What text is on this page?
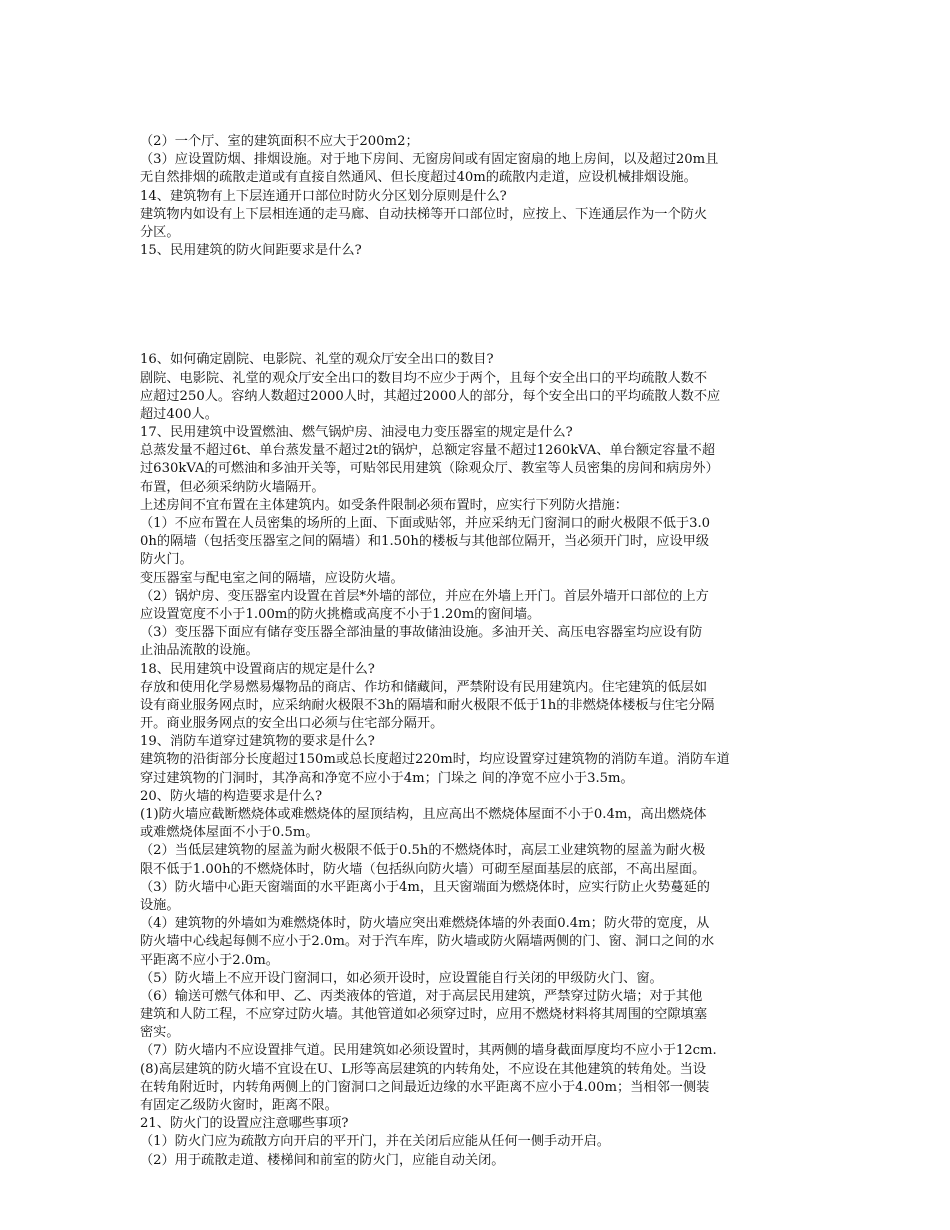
（2）一个厅、室的建筑面积不应大于200m2；
（3）应设置防烟、排烟设施。对于地下房间、无窗房间或有固定窗扇的地上房间，以及超过20m且
无自然排烟的疏散走道或有直接自然通风、但长度超过40m的疏散内走道，应设机械排烟设施。
14、建筑物有上下层连通开口部位时防火分区划分原则是什么?
建筑物内如设有上下层相连通的走马廊、自动扶梯等开口部位时，应按上、下连通层作为一个防火
分区。
15、民用建筑的防火间距要求是什么?
16、如何确定剧院、电影院、礼堂的观众厅安全出口的数目?
剧院、电影院、礼堂的观众厅安全出口的数目均不应少于两个，且每个安全出口的平均疏散人数不
应超过250人。容纳人数超过2000人时，其超过2000人的部分，每个安全出口的平均疏散人数不应
超过400人。
17、民用建筑中设置燃油、燃气锅炉房、油浸电力变压器室的规定是什么?
总蒸发量不超过6t、单台蒸发量不超过2t的锅炉，总额定容量不超过1260kVA、单台额定容量不超
过630kVA的可燃油和多油开关等，可贴邻民用建筑（除观众厅、教室等人员密集的房间和病房外）
布置，但必须采纳防火墙隔开。
上述房间不宜布置在主体建筑内。如受条件限制必须布置时，应实行下列防火措施：
（1）不应布置在人员密集的场所的上面、下面或贴邻，并应采纳无门窗洞口的耐火极限不低于3.0
0h的隔墙（包括变压器室之间的隔墙）和1.50h的楼板与其他部位隔开，当必须开门时，应设甲级
防火门。
变压器室与配电室之间的隔墙，应设防火墙。
（2）锅炉房、变压器室内设置在首层*外墙的部位，并应在外墙上开门。首层外墙开口部位的上方
应设置宽度不小于1.00m的防火挑檐或高度不小于1.20m的窗间墙。
（3）变压器下面应有储存变压器全部油量的事故储油设施。多油开关、高压电容器室均应设有防
止油品流散的设施。
18、民用建筑中设置商店的规定是什么?
存放和使用化学易燃易爆物品的商店、作坊和储藏间，严禁附设有民用建筑内。住宅建筑的低层如
设有商业服务网点时，应采纳耐火极限不3h的隔墙和耐火极限不低于1h的非燃烧体楼板与住宅分隔
开。商业服务网点的安全出口必须与住宅部分隔开。
19、消防车道穿过建筑物的要求是什么?
建筑物的沿街部分长度超过150m或总长度超过220m时，均应设置穿过建筑物的消防车道。消防车道
穿过建筑物的门洞时，其净高和净宽不应小于4m；门垛之 间的净宽不应小于3.5m。
20、防火墙的构造要求是什么?
(1)防火墙应截断燃烧体或难燃烧体的屋顶结构，且应高出不燃烧体屋面不小于0.4m，高出燃烧体
或难燃烧体屋面不小于0.5m。
（2）当低层建筑物的屋盖为耐火极限不低于0.5h的不燃烧体时，高层工业建筑物的屋盖为耐火极
限不低于1.00h的不燃烧体时，防火墙（包括纵向防火墙）可砌至屋面基层的底部，不高出屋面。
（3）防火墙中心距天窗端面的水平距离小于4m，且天窗端面为燃烧体时，应实行防止火势蔓延的
设施。
（4）建筑物的外墙如为难燃烧体时，防火墙应突出难燃烧体墙的外表面0.4m；防火带的宽度，从
防火墙中心线起每侧不应小于2.0m。对于汽车库，防火墙或防火隔墙两侧的门、窗、洞口之间的水
平距离不应小于2.0m。
（5）防火墙上不应开设门窗洞口，如必须开设时，应设置能自行关闭的甲级防火门、窗。
（6）输送可燃气体和甲、乙、丙类液体的管道，对于高层民用建筑，严禁穿过防火墙；对于其他
建筑和人防工程，不应穿过防火墙。其他管道如必须穿过时，应用不燃烧材料将其周围的空隙填塞
密实。
（7）防火墙内不应设置排气道。民用建筑如必须设置时，其两侧的墙身截面厚度均不应小于12cm.
(8)高层建筑的防火墙不宜设在U、L形等高层建筑的内转角处，不应设在其他建筑的转角处。当设
在转角附近时，内转角两侧上的门窗洞口之间最近边缘的水平距离不应小于4.00m；当相邻一侧装
有固定乙级防火窗时，距离不限。
21、防火门的设置应注意哪些事项?
（1）防火门应为疏散方向开启的平开门，并在关闭后应能从任何一侧手动开启。
（2）用于疏散走道、楼梯间和前室的防火门，应能自动关闭。
